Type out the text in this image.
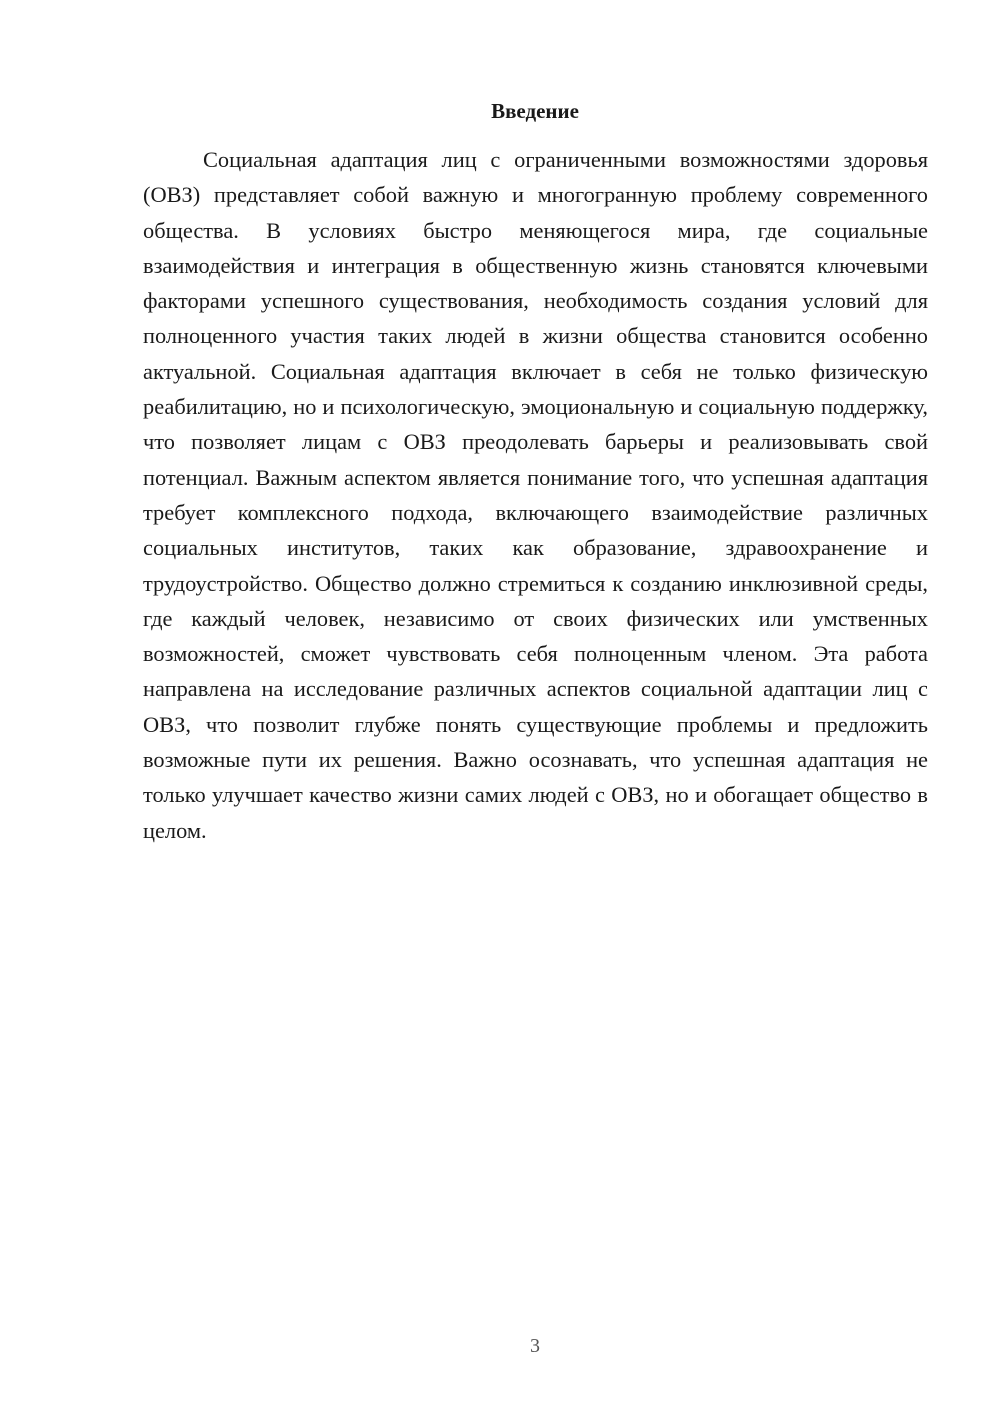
Введение

Социальная адаптация лиц с ограниченными возможностями здоровья (ОВЗ) представляет собой важную и многогранную проблему современного общества. В условиях быстро меняющегося мира, где социальные взаимодействия и интеграция в общественную жизнь становятся ключевыми факторами успешного существования, необходимость создания условий для полноценного участия таких людей в жизни общества становится особенно актуальной. Социальная адаптация включает в себя не только физическую реабилитацию, но и психологическую, эмоциональную и социальную поддержку, что позволяет лицам с ОВЗ преодолевать барьеры и реализовывать свой потенциал. Важным аспектом является понимание того, что успешная адаптация требует комплексного подхода, включающего взаимодействие различных социальных институтов, таких как образование, здравоохранение и трудоустройство. Общество должно стремиться к созданию инклюзивной среды, где каждый человек, независимо от своих физических или умственных возможностей, сможет чувствовать себя полноценным членом. Эта работа направлена на исследование различных аспектов социальной адаптации лиц с ОВЗ, что позволит глубже понять существующие проблемы и предложить возможные пути их решения. Важно осознавать, что успешная адаптация не только улучшает качество жизни самих людей с ОВЗ, но и обогащает общество в целом.

3
